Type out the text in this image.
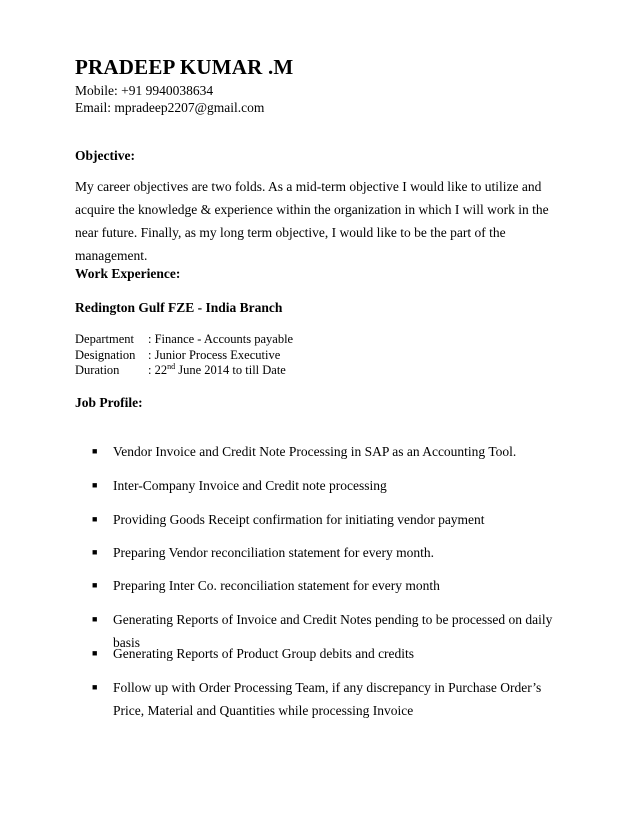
PRADEEP KUMAR .M
Mobile: +91 9940038634
Email: mpradeep2207@gmail.com
Objective:

My career objectives are two folds. As a mid-term objective I would like to utilize and acquire the knowledge & experience within the organization in which I will work in the near future. Finally, as my long term objective, I would like to be the part of the management.

Work Experience:
Redington Gulf FZE - India Branch
Department	: Finance - Accounts payable
Designation	: Junior Process Executive
Duration	: 22nd June 2014 to till Date
Job Profile:
■	Vendor Invoice and Credit Note Processing in SAP as an Accounting Tool.
■	Inter-Company Invoice and Credit note processing
■	Providing Goods Receipt confirmation for initiating vendor payment
■	Preparing Vendor reconciliation statement for every month.
■	Preparing Inter Co. reconciliation statement for every month
■	Generating Reports of Invoice and Credit Notes pending to be processed on daily basis
■	Generating Reports of Product Group debits and credits
■	Follow up with Order Processing Team, if any discrepancy in Purchase Order’s Price, Material and Quantities while processing Invoice
